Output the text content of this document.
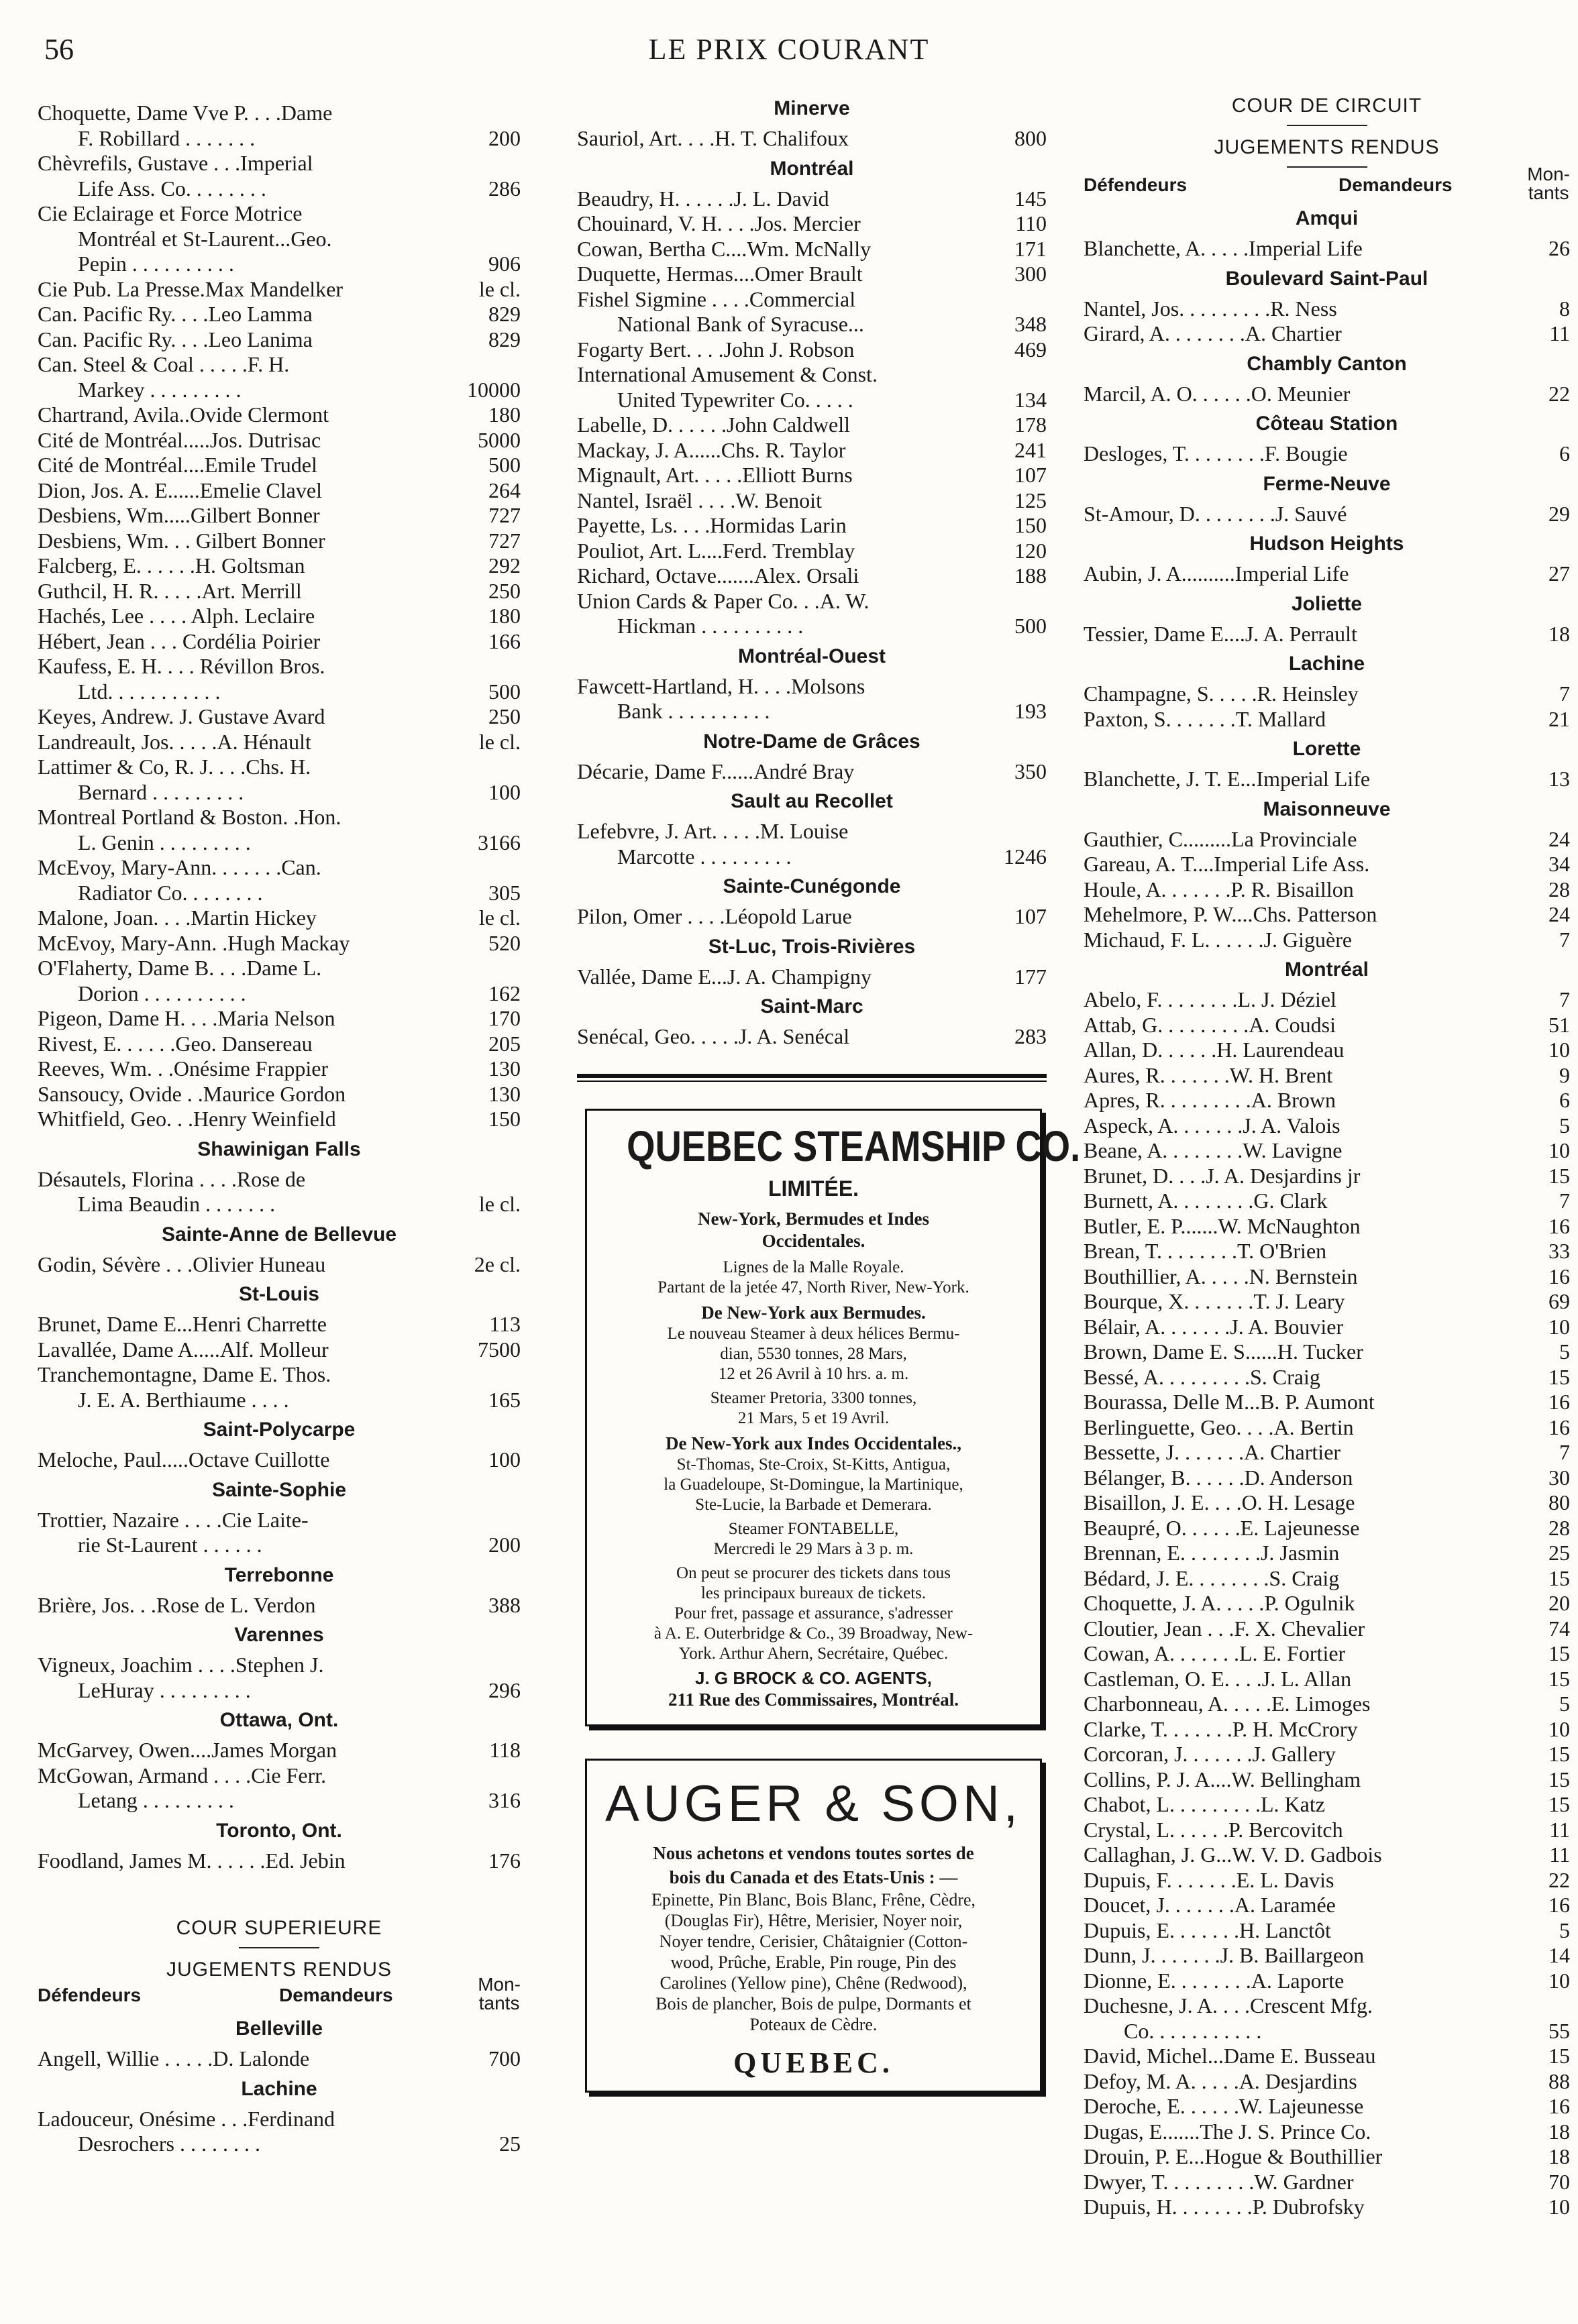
56	LE PRIX COURANT
Choquette, Dame Vve P. . . .Dame
F. Robillard . . . . . . .	200
Chèvrefils, Gustave . . .Imperial
Life Ass. Co. . . . . . . .	286
Cie Eclairage et Force Motrice
Montréal et St-Laurent...Geo.
Pepin . . . . . . . . . .	906
Cie Pub. La Presse.Max Mandelker	le cl.
Can. Pacific Ry. . . .Leo Lamma	829
Can. Pacific Ry. . . .Leo Lanima	829
Can. Steel & Coal . . . . .F. H.
Markey . . . . . . . . .	10000
Chartrand, Avila..Ovide Clermont	180
Cité de Montréal.....Jos. Dutrisac	5000
Cité de Montréal....Emile Trudel	500
Dion, Jos. A. E......Emelie Clavel	264
Desbiens, Wm.....Gilbert Bonner	727
Desbiens, Wm. . . Gilbert Bonner	727
Falcberg, E. . . . . .H. Goltsman	292
Guthcil, H. R. . . . .Art. Merrill	250
Hachés, Lee . . . . Alph. Leclaire	180
Hébert, Jean . . . Cordélia Poirier	166
Kaufess, E. H. . . . Révillon Bros.
Ltd. . . . . . . . . . .	500
Keyes, Andrew. J. Gustave Avard	250
Landreault, Jos. . . . .A. Hénault	le cl.
Lattimer & Co, R. J. . . .Chs. H.
Bernard . . . . . . . . .	100
Montreal Portland & Boston. .Hon.
L. Genin . . . . . . . . .	3166
McEvoy, Mary-Ann. . . . . . .Can.
Radiator Co. . . . . . . .	305
Malone, Joan. . . .Martin Hickey	le cl.
McEvoy, Mary-Ann. .Hugh Mackay	520
O'Flaherty, Dame B. . . .Dame L.
Dorion . . . . . . . . . .	162
Pigeon, Dame H. . . .Maria Nelson	170
Rivest, E. . . . . .Geo. Dansereau	205
Reeves, Wm. . .Onésime Frappier	130
Sansoucy, Ovide . .Maurice Gordon	130
Whitfield, Geo. . .Henry Weinfield	150
Shawinigan Falls
Désautels, Florina . . . .Rose de
Lima Beaudin . . . . . . .	le cl.
Sainte-Anne de Bellevue
Godin, Sévère . . .Olivier Huneau	2e cl.
St-Louis
Brunet, Dame E...Henri Charrette	113
Lavallée, Dame A.....Alf. Molleur	7500
Tranchemontagne, Dame E. Thos.
J. E. A. Berthiaume . . . .	165
Saint-Polycarpe
Meloche, Paul.....Octave Cuillotte	100
Sainte-Sophie
Trottier, Nazaire . . . .Cie Laite-
rie St-Laurent . . . . . .	200
Terrebonne
Brière, Jos. . .Rose de L. Verdon	388
Varennes
Vigneux, Joachim . . . .Stephen J.
LeHuray . . . . . . . . .	296
Ottawa, Ont.
McGarvey, Owen....James Morgan	118
McGowan, Armand . . . .Cie Ferr.
Letang . . . . . . . . .	316
Toronto, Ont.
Foodland, James M. . . . . .Ed. Jebin	176
COUR SUPERIEURE
JUGEMENTS RENDUS
Défendeurs	Demandeurs
Mon-
tants
Belleville
Angell, Willie . . . . .D. Lalonde	700
Lachine
Ladouceur, Onésime . . .Ferdinand
Desrochers . . . . . . . .	25
Minerve
Sauriol, Art. . . .H. T. Chalifoux	800
Montréal
Beaudry, H. . . . . .J. L. David	145
Chouinard, V. H. . . .Jos. Mercier	110
Cowan, Bertha C....Wm. McNally	171
Duquette, Hermas....Omer Brault	300
Fishel Sigmine . . . .Commercial
National Bank of Syracuse...	348
Fogarty Bert. . . .John J. Robson	469
International Amusement & Const.
United Typewriter Co. . . . .	134
Labelle, D. . . . . .John Caldwell	178
Mackay, J. A......Chs. R. Taylor	241
Mignault, Art. . . . .Elliott Burns	107
Nantel, Israël . . . .W. Benoit	125
Payette, Ls. . . .Hormidas Larin	150
Pouliot, Art. L....Ferd. Tremblay	120
Richard, Octave.......Alex. Orsali	188
Union Cards & Paper Co. . .A. W.
Hickman . . . . . . . . . .	500
Montréal-Ouest
Fawcett-Hartland, H. . . .Molsons
Bank . . . . . . . . . .	193
Notre-Dame de Grâces
Décarie, Dame F......André Bray	350
Sault au Recollet
Lefebvre, J. Art. . . . .M. Louise
Marcotte . . . . . . . . .	1246
Sainte-Cunégonde
Pilon, Omer . . . .Léopold Larue	107
St-Luc, Trois-Rivières
Vallée, Dame E...J. A. Champigny	177
Saint-Marc
Senécal, Geo. . . . .J. A. Senécal	283
QUEBEC STEAMSHIP CO.
LIMITÉE.
New-York, Bermudes et Indes
Occidentales.
Lignes de la Malle Royale.
Partant de la jetée 47, North River, New-York.
De New-York aux Bermudes.
Le nouveau Steamer à deux hélices Bermu-
dian, 5530 tonnes, 28 Mars,
12 et 26 Avril à 10 hrs. a. m.
Steamer Pretoria, 3300 tonnes,
21 Mars, 5 et 19 Avril.
De New-York aux Indes Occidentales.,
St-Thomas, Ste-Croix, St-Kitts, Antigua,
la Guadeloupe, St-Domingue, la Martinique,
Ste-Lucie, la Barbade et Demerara.
Steamer FONTABELLE,
Mercredi le 29 Mars à 3 p. m.
On peut se procurer des tickets dans tous
les principaux bureaux de tickets.
Pour fret, passage et assurance, s'adresser
à A. E. Outerbridge & Co., 39 Broadway, New-
York. Arthur Ahern, Secrétaire, Québec.
J. G BROCK & CO. AGENTS,
211 Rue des Commissaires, Montréal.
AUGER & SON,
Nous achetons et vendons toutes sortes de
bois du Canada et des Etats-Unis : —
Epinette, Pin Blanc, Bois Blanc, Frêne, Cèdre,
(Douglas Fir), Hêtre, Merisier, Noyer noir,
Noyer tendre, Cerisier, Châtaignier (Cotton-
wood, Prûche, Erable, Pin rouge, Pin des
Carolines (Yellow pine), Chêne (Redwood),
Bois de plancher, Bois de pulpe, Dormants et
Poteaux de Cèdre.
QUEBEC.
COUR DE CIRCUIT
JUGEMENTS RENDUS
Défendeurs	Demandeurs
Mon-
tants
Amqui
Blanchette, A. . . . .Imperial Life	26
Boulevard Saint-Paul
Nantel, Jos. . . . . . . . .R. Ness	8
Girard, A. . . . . . . .A. Chartier	11
Chambly Canton
Marcil, A. O. . . . . .O. Meunier	22
Côteau Station
Desloges, T. . . . . . . .F. Bougie	6
Ferme-Neuve
St-Amour, D. . . . . . . .J. Sauvé	29
Hudson Heights
Aubin, J. A..........Imperial Life	27
Joliette
Tessier, Dame E....J. A. Perrault	18
Lachine
Champagne, S. . . . .R. Heinsley	7
Paxton, S. . . . . . .T. Mallard	21
Lorette
Blanchette, J. T. E...Imperial Life	13
Maisonneuve
Gauthier, C.........La Provinciale	24
Gareau, A. T....Imperial Life Ass.	34
Houle, A. . . . . . .P. R. Bisaillon	28
Mehelmore, P. W....Chs. Patterson	24
Michaud, F. L. . . . . .J. Giguère	7
Montréal
Abelo, F. . . . . . . .L. J. Déziel	7
Attab, G. . . . . . . . .A. Coudsi	51
Allan, D. . . . . .H. Laurendeau	10
Aures, R. . . . . . .W. H. Brent	9
Apres, R. . . . . . . . .A. Brown	6
Aspeck, A. . . . . . .J. A. Valois	5
Beane, A. . . . . . . .W. Lavigne	10
Brunet, D. . . .J. A. Desjardins jr	15
Burnett, A. . . . . . . .G. Clark	7
Butler, E. P.......W. McNaughton	16
Brean, T. . . . . . . .T. O'Brien	33
Bouthillier, A. . . . .N. Bernstein	16
Bourque, X. . . . . . .T. J. Leary	69
Bélair, A. . . . . . .J. A. Bouvier	10
Brown, Dame E. S......H. Tucker	5
Bessé, A. . . . . . . . .S. Craig	15
Bourassa, Delle M...B. P. Aumont	16
Berlinguette, Geo. . . .A. Bertin	16
Bessette, J. . . . . . .A. Chartier	7
Bélanger, B. . . . . .D. Anderson	30
Bisaillon, J. E. . . .O. H. Lesage	80
Beaupré, O. . . . . .E. Lajeunesse	28
Brennan, E. . . . . . . .J. Jasmin	25
Bédard, J. E. . . . . . . .S. Craig	15
Choquette, J. A. . . . .P. Ogulnik	20
Cloutier, Jean . . .F. X. Chevalier	74
Cowan, A. . . . . . .L. E. Fortier	15
Castleman, O. E. . . .J. L. Allan	15
Charbonneau, A. . . . .E. Limoges	5
Clarke, T. . . . . . .P. H. McCrory	10
Corcoran, J. . . . . . .J. Gallery	15
Collins, P. J. A....W. Bellingham	15
Chabot, L. . . . . . . . .L. Katz	15
Crystal, L. . . . . .P. Bercovitch	11
Callaghan, J. G...W. V. D. Gadbois	11
Dupuis, F. . . . . . .E. L. Davis	22
Doucet, J. . . . . . .A. Laramée	16
Dupuis, E. . . . . . .H. Lanctôt	5
Dunn, J. . . . . . .J. B. Baillargeon	14
Dionne, E. . . . . . . .A. Laporte	10
Duchesne, J. A. . . .Crescent Mfg.
Co. . . . . . . . . . .	55
David, Michel...Dame E. Busseau	15
Defoy, M. A. . . . .A. Desjardins	88
Deroche, E. . . . . .W. Lajeunesse	16
Dugas, E.......The J. S. Prince Co.	18
Drouin, P. E...Hogue & Bouthillier	18
Dwyer, T. . . . . . . . .W. Gardner	70
Dupuis, H. . . . . . . .P. Dubrofsky	10
